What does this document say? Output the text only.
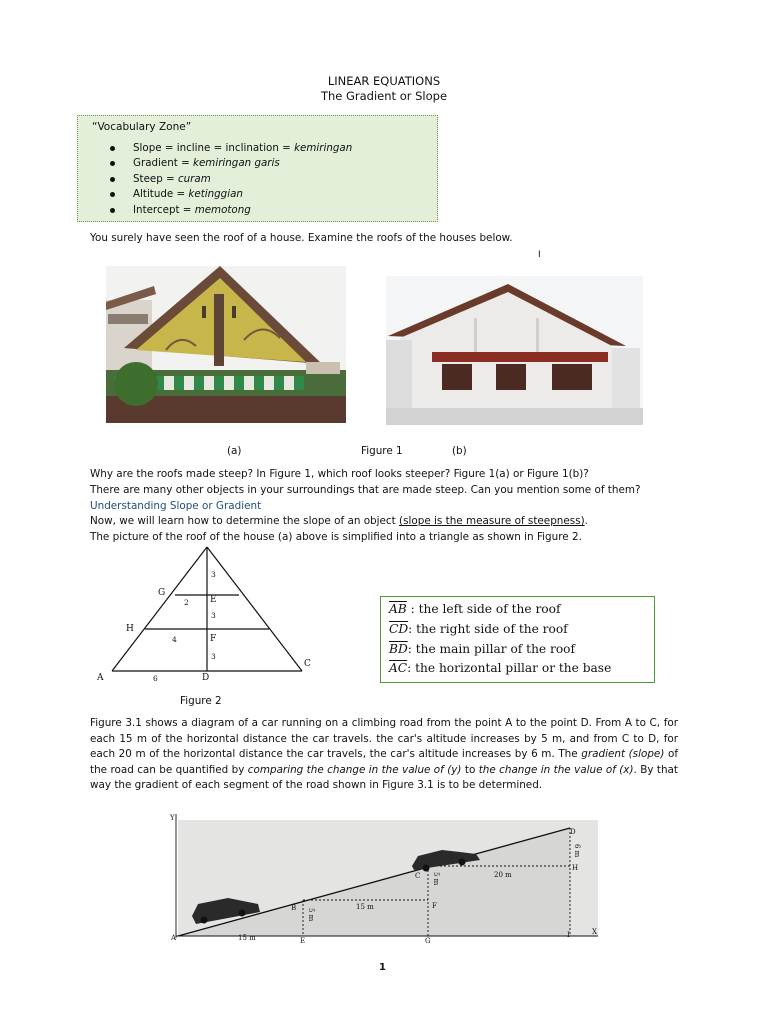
LINEAR EQUATIONS
The Gradient or Slope
“Vocabulary Zone”
Slope = incline = inclination = kemiringan
Gradient = kemiringan garis
Steep = curam
Altitude = ketinggian
Intercept = memotong
You surely have seen the roof of a house. Examine the roofs of the houses below.
I
(a)	Figure 1	(b)
Why are the roofs made steep? In Figure 1, which roof looks steeper? Figure 1(a) or Figure 1(b)?
There are many other objects in your surroundings that are made steep. Can you mention some of them?
Understanding Slope or Gradient
Now, we will learn how to determine the slope of an object (slope is the measure of steepness).
The picture of the roof of the house (a) above is simplified into a triangle as shown in Figure 2.
A
C
D
E
F
G
H
3
2
3
4
3
6
Figure 2
$\overline{AB}$ : the left side of the roof
$\overline{CD}$: the right side of the roof
$\overline{BD}$: the main pillar of the roof
$\overline{AC}$: the horizontal pillar or the base
Figure 3.1 shows a diagram of a car running on a climbing road from the point A to the point D. From A to C, for each 15 m of the horizontal distance the car travels. the car's altitude increases by 5 m, and from C to D, for each 20 m of the horizontal distance the car travels, the car's altitude increases by 6 m. The gradient (slope) of the road can be quantified by comparing the change in the value of (y) to the change in the value of (x). By that way the gradient of each segment of the road shown in Figure 3.1 is to be determined.
Y
X
A
B
C
D
E
F
G
H
I
15 m
15 m
20 m
5 m
5 m
6 m
1
